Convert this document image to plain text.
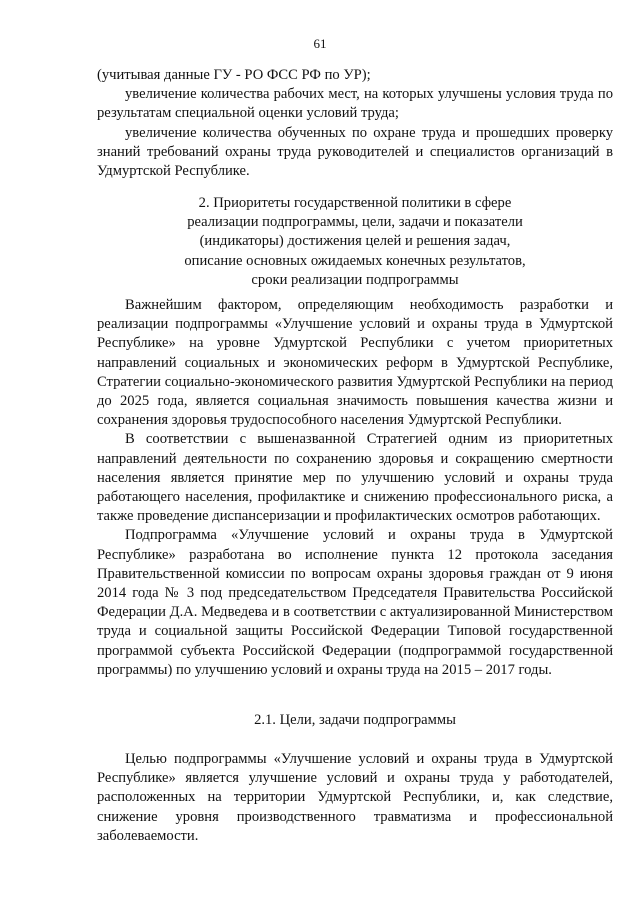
61

(учитывая данные ГУ - РО ФСС РФ по УР);

увеличение количества рабочих мест, на которых улучшены условия труда по результатам специальной оценки условий труда;

увеличение количества обученных по охране труда и прошедших проверку знаний требований охраны труда руководителей и специалистов организаций в Удмуртской Республике.

2. Приоритеты государственной политики в сфере
реализации подпрограммы, цели, задачи и показатели
(индикаторы) достижения целей и решения задач,
описание основных ожидаемых конечных результатов,
сроки реализации подпрограммы

Важнейшим фактором, определяющим необходимость разработки и реализации подпрограммы «Улучшение условий и охраны труда в Удмуртской Республике» на уровне Удмуртской Республики с учетом приоритетных направлений социальных и экономических реформ в Удмуртской Республике, Стратегии социально-экономического развития Удмуртской Республики на период до 2025 года, является социальная значимость повышения качества жизни и сохранения здоровья трудоспособного населения Удмуртской Республики.

В соответствии с вышеназванной Стратегией одним из приоритетных направлений деятельности по сохранению здоровья и сокращению смертности населения является принятие мер по улучшению условий и охраны труда работающего населения, профилактике и снижению профессионального риска, а также проведение диспансеризации и профилактических осмотров работающих.

Подпрограмма «Улучшение условий и охраны труда в Удмуртской Республике» разработана во исполнение пункта 12 протокола заседания Правительственной комиссии по вопросам охраны здоровья граждан от 9 июня 2014 года № 3 под председательством Председателя Правительства Российской Федерации Д.А. Медведева и в соответствии с актуализированной Министерством труда и социальной защиты Российской Федерации Типовой государственной программой субъекта Российской Федерации (подпрограммой государственной программы) по улучшению условий и охраны труда на 2015 – 2017 годы.

2.1. Цели, задачи подпрограммы

Целью подпрограммы «Улучшение условий и охраны труда в Удмуртской Республике» является улучшение условий и охраны труда у работодателей, расположенных на территории Удмуртской Республики, и, как следствие, снижение уровня производственного травматизма и профессиональной заболеваемости.
